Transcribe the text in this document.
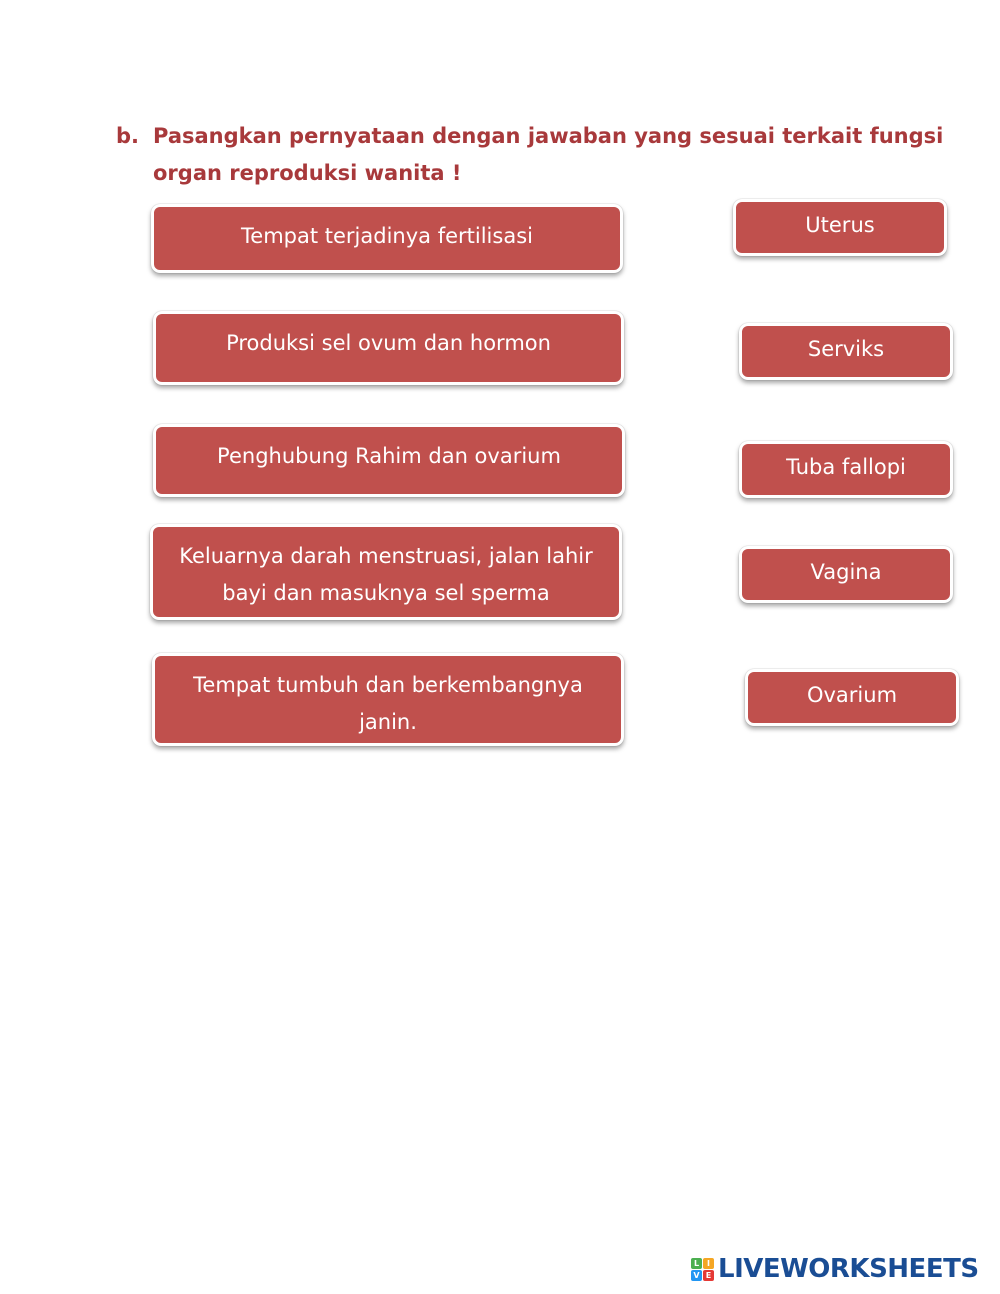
b. Pasangkan pernyataan dengan jawaban yang sesuai terkait fungsi
organ reproduksi wanita !
Tempat terjadinya fertilisasi
Produksi sel ovum dan hormon
Penghubung Rahim dan ovarium
Keluarnya darah menstruasi, jalan lahir
bayi dan masuknya sel sperma
Tempat tumbuh dan berkembangnya
janin.
Uterus
Serviks
Tuba fallopi
Vagina
Ovarium
L I
V E LIVEWORKSHEETS
